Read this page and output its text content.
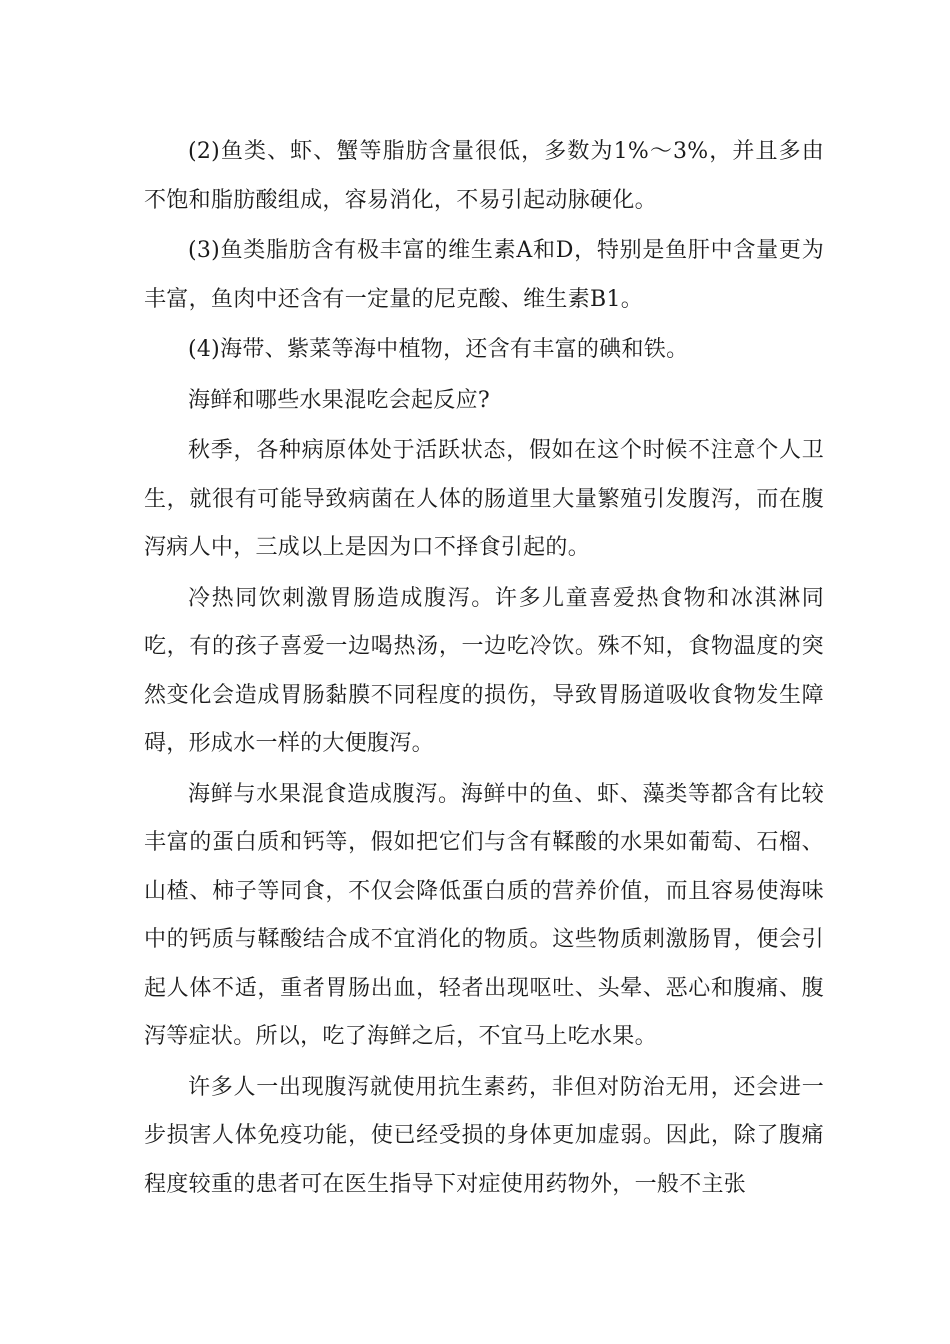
(2)鱼类、虾、蟹等脂肪含量很低，多数为1%～3%，并且多由不饱和脂肪酸组成，容易消化，不易引起动脉硬化。

(3)鱼类脂肪含有极丰富的维生素A和D，特别是鱼肝中含量更为丰富，鱼肉中还含有一定量的尼克酸、维生素B1。

(4)海带、紫菜等海中植物，还含有丰富的碘和铁。

海鲜和哪些水果混吃会起反应?

秋季，各种病原体处于活跃状态，假如在这个时候不注意个人卫生，就很有可能导致病菌在人体的肠道里大量繁殖引发腹泻，而在腹泻病人中，三成以上是因为口不择食引起的。

冷热同饮刺激胃肠造成腹泻。许多儿童喜爱热食物和冰淇淋同吃，有的孩子喜爱一边喝热汤，一边吃冷饮。殊不知，食物温度的突然变化会造成胃肠黏膜不同程度的损伤，导致胃肠道吸收食物发生障碍，形成水一样的大便腹泻。

海鲜与水果混食造成腹泻。海鲜中的鱼、虾、藻类等都含有比较丰富的蛋白质和钙等，假如把它们与含有鞣酸的水果如葡萄、石榴、山楂、柿子等同食，不仅会降低蛋白质的营养价值，而且容易使海味中的钙质与鞣酸结合成不宜消化的物质。这些物质刺激肠胃，便会引起人体不适，重者胃肠出血，轻者出现呕吐、头晕、恶心和腹痛、腹泻等症状。所以，吃了海鲜之后，不宜马上吃水果。

许多人一出现腹泻就使用抗生素药，非但对防治无用，还会进一步损害人体免疫功能，使已经受损的身体更加虚弱。因此，除了腹痛程度较重的患者可在医生指导下对症使用药物外，一般不主张
